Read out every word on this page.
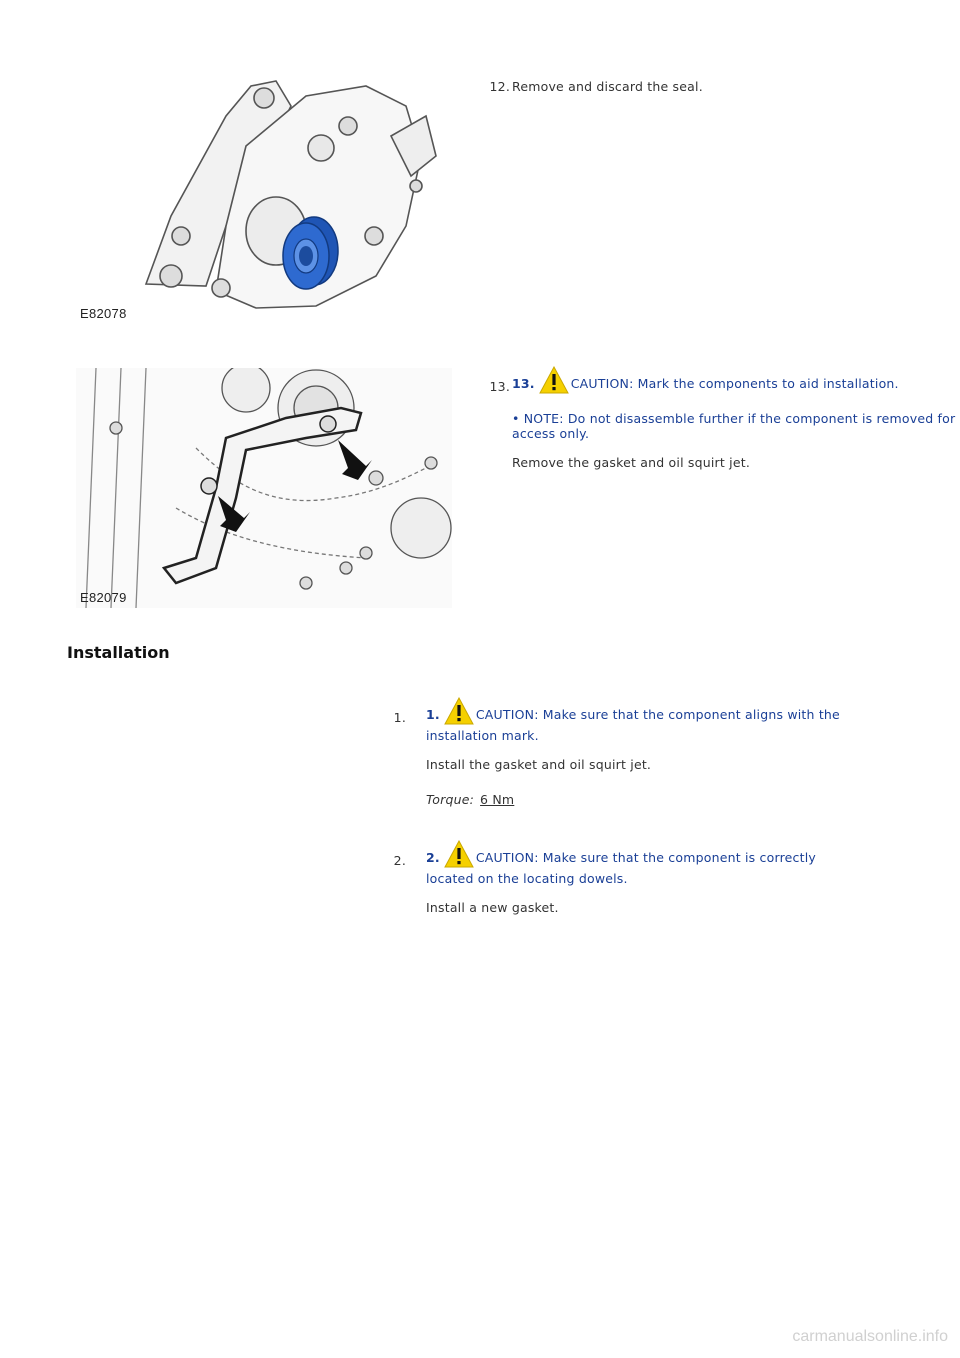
E82078
12. Remove and discard the seal.

E82079
13. 13.	CAUTION: Mark the components to aid installation.

• NOTE: Do not disassemble further if the component is removed for access only.

Remove the gasket and oil squirt jet.

Installation
1. 1.	CAUTION: Make sure that the component aligns with the installation mark.

Install the gasket and oil squirt jet.

Torque: 6 Nm

2. 2.	CAUTION: Make sure that the component is correctly located on the locating dowels.

Install a new gasket.

carmanualsonline.info
